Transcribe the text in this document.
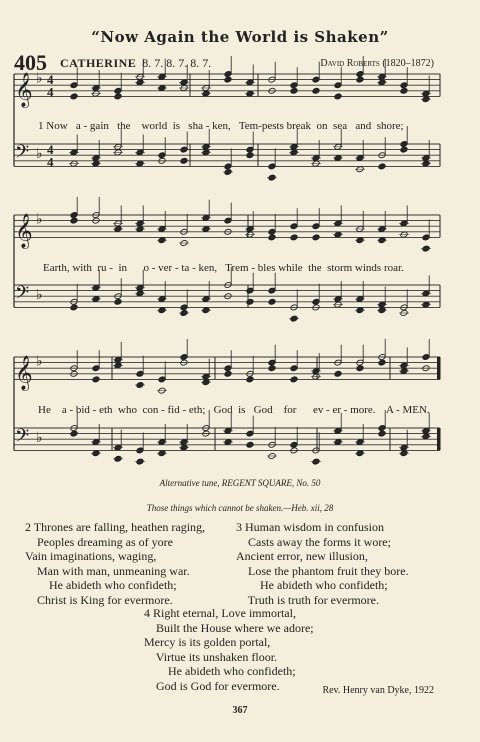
“Now Again the World is Shaken”
405 CATHERINE 8. 7. 8. 7. 8. 7.	David Roberts (1820–1872)
𝄞 ♭ 4
4
𝄢 ♭ 4
4
𝄞 ♭
𝄢 ♭
𝄞 ♭
𝄢 ♭
1 Now   a - gain   the    world  is   sha - ken,   Tem-pests break  on  sea   and  shore;
Earth, with  ru -  in      o - ver - ta - ken,   Trem - bles while  the  storm winds roar.
He    a - bid - eth  who  con - fid - eth;   God  is   God    for      ev - er - more.    A - MEN.
Alternative tune, REGENT SQUARE, No. 50
Those things which cannot be shaken.—Heb. xii, 28
2 Thrones are falling, heathen raging,
Peoples dreaming as of yore
Vain imaginations, waging,
Man with man, unmeaning war.
He abideth who confideth;
Christ is King for evermore.
3 Human wisdom in confusion
Casts away the forms it wore;
Ancient error, new illusion,
Lose the phantom fruit they bore.
He abideth who confideth;
Truth is truth for evermore.
4 Right eternal, Love immortal,
Built the House where we adore;
Mercy is its golden portal,
Virtue its unshaken floor.
He abideth who confideth;
God is God for evermore.	Rev. Henry van Dyke, 1922
367
